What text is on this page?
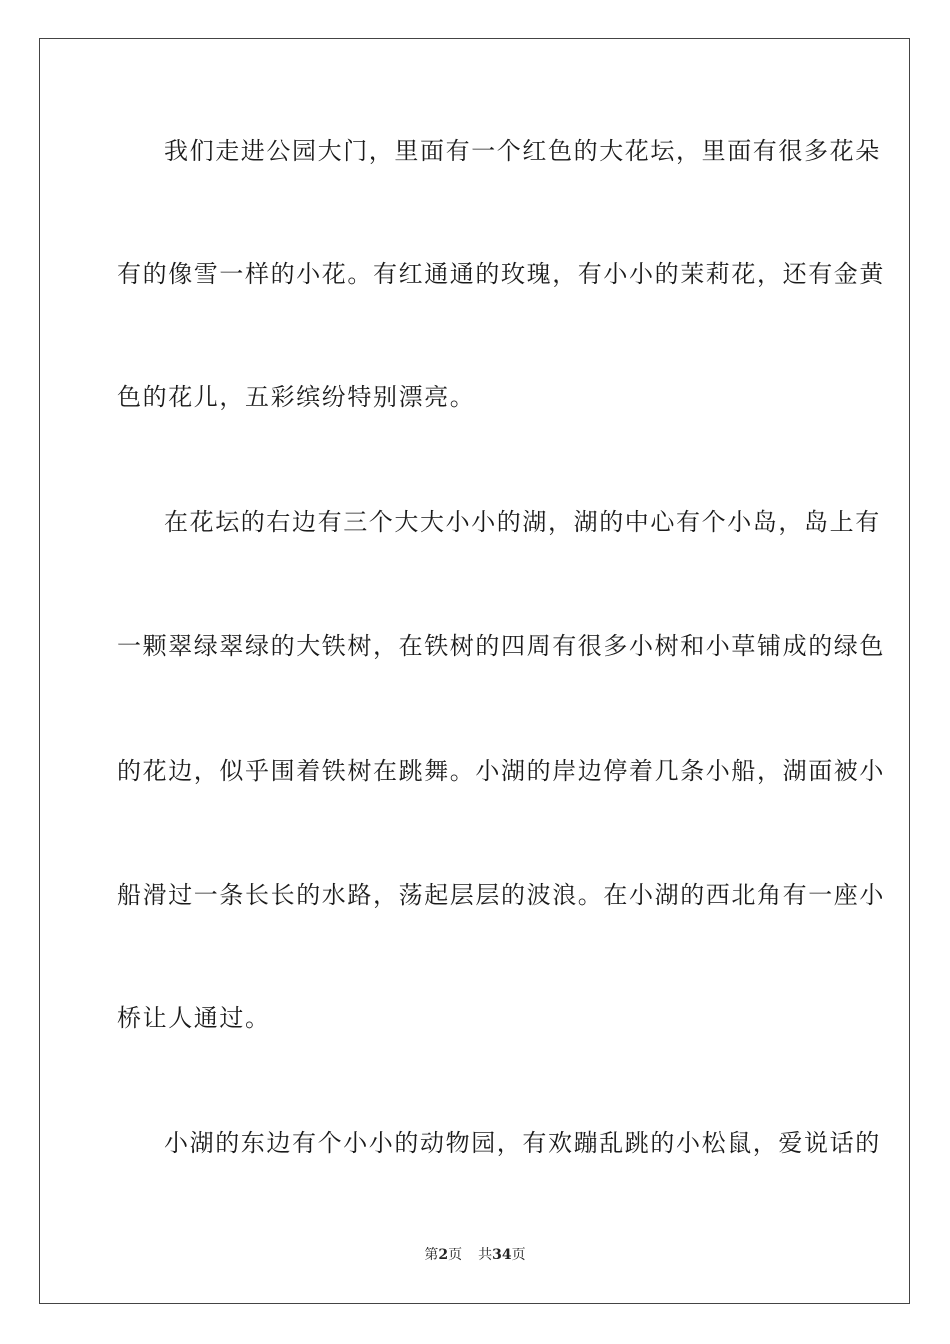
我们走进公园大门，里面有一个红色的大花坛，里面有很多花朵
有的像雪一样的小花。有红通通的玫瑰，有小小的茉莉花，还有金黄
色的花儿，五彩缤纷特别漂亮。
在花坛的右边有三个大大小小的湖，湖的中心有个小岛，岛上有
一颗翠绿翠绿的大铁树，在铁树的四周有很多小树和小草铺成的绿色
的花边，似乎围着铁树在跳舞。小湖的岸边停着几条小船，湖面被小
船滑过一条长长的水路，荡起层层的波浪。在小湖的西北角有一座小
桥让人通过。
小湖的东边有个小小的动物园，有欢蹦乱跳的小松鼠，爱说话的
第2页 共34页
